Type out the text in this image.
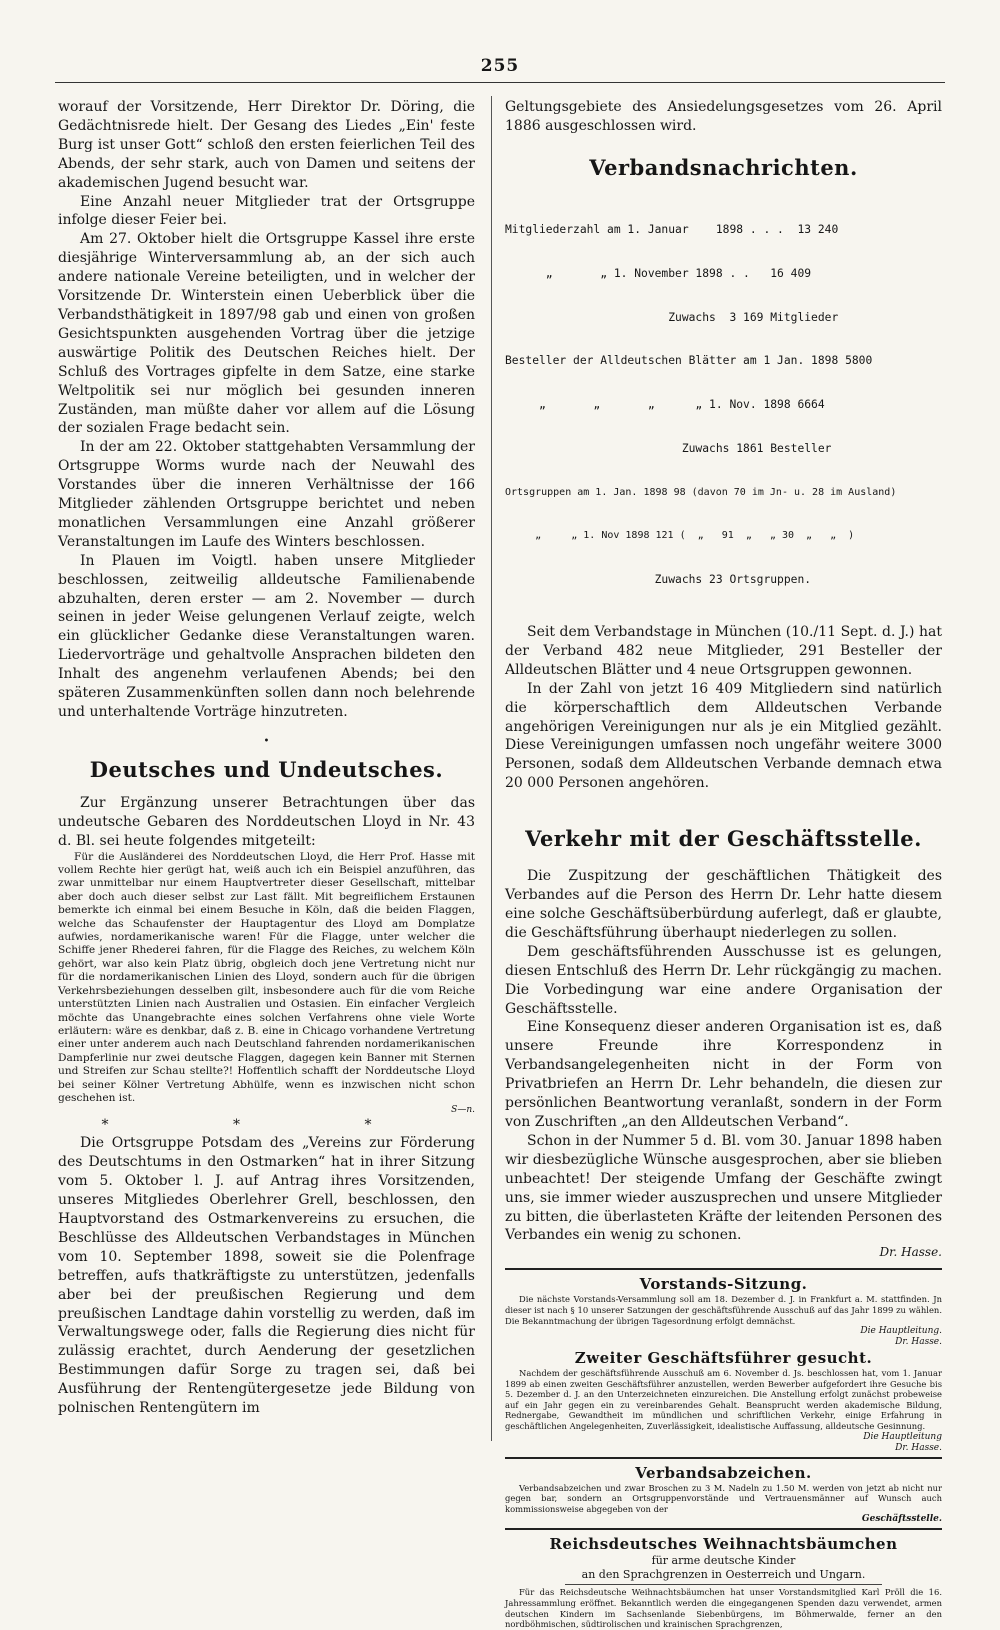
255

worauf der Vorsitzende, Herr Direktor Dr. Döring, die Gedächtnisrede hielt. Der Gesang des Liedes „Ein' feste Burg ist unser Gott“ schloß den ersten feierlichen Teil des Abends, der sehr stark, auch von Damen und seitens der akademischen Jugend besucht war.

Eine Anzahl neuer Mitglieder trat der Ortsgruppe infolge dieser Feier bei.

Am 27. Oktober hielt die Ortsgruppe Kassel ihre erste diesjährige Winterversammlung ab, an der sich auch andere nationale Vereine beteiligten, und in welcher der Vorsitzende Dr. Winterstein einen Ueberblick über die Verbandsthätigkeit in 1897/98 gab und einen von großen Gesichtspunkten ausgehenden Vortrag über die jetzige auswärtige Politik des Deutschen Reiches hielt. Der Schluß des Vortrages gipfelte in dem Satze, eine starke Weltpolitik sei nur möglich bei gesunden inneren Zuständen, man müßte daher vor allem auf die Lösung der sozialen Frage bedacht sein.

In der am 22. Oktober stattgehabten Versammlung der Ortsgruppe Worms wurde nach der Neuwahl des Vorstandes über die inneren Verhältnisse der 166 Mitglieder zählenden Ortsgruppe berichtet und neben monatlichen Versammlungen eine Anzahl größerer Veranstaltungen im Laufe des Winters beschlossen.

In Plauen im Voigtl. haben unsere Mitglieder beschlossen, zeitweilig alldeutsche Familienabende abzuhalten, deren erster — am 2. November — durch seinen in jeder Weise gelungenen Verlauf zeigte, welch ein glücklicher Gedanke diese Veranstaltungen waren. Liedervorträge und gehaltvolle Ansprachen bildeten den Inhalt des angenehm verlaufenen Abends; bei den späteren Zusammenkünften sollen dann noch belehrende und unterhaltende Vorträge hinzutreten.

•
Deutsches und Undeutsches.

Zur Ergänzung unserer Betrachtungen über das undeutsche Gebaren des Norddeutschen Lloyd in Nr. 43 d. Bl. sei heute folgendes mitgeteilt:

Für die Ausländerei des Norddeutschen Lloyd, die Herr Prof. Hasse mit vollem Rechte hier gerügt hat, weiß auch ich ein Beispiel anzuführen, das zwar unmittelbar nur einem Hauptvertreter dieser Gesellschaft, mittelbar aber doch auch dieser selbst zur Last fällt. Mit begreiflichem Erstaunen bemerkte ich einmal bei einem Besuche in Köln, daß die beiden Flaggen, welche das Schaufenster der Hauptagentur des Lloyd am Domplatze aufwies, nordamerikanische waren! Für die Flagge, unter welcher die Schiffe jener Rhederei fahren, für die Flagge des Reiches, zu welchem Köln gehört, war also kein Platz übrig, obgleich doch jene Vertretung nicht nur für die nordamerikanischen Linien des Lloyd, sondern auch für die übrigen Verkehrsbeziehungen desselben gilt, insbesondere auch für die vom Reiche unterstützten Linien nach Australien und Ostasien. Ein einfacher Vergleich möchte das Unangebrachte eines solchen Verfahrens ohne viele Worte erläutern: wäre es denkbar, daß z. B. eine in Chicago vorhandene Vertretung einer unter anderem auch nach Deutschland fahrenden nordamerikanischen Dampferlinie nur zwei deutsche Flaggen, dagegen kein Banner mit Sternen und Streifen zur Schau stellte?! Hoffentlich schafft der Norddeutsche Lloyd bei seiner Kölner Vertretung Abhülfe, wenn es inzwischen nicht schon geschehen ist.

S—n.
* * *

Die Ortsgruppe Potsdam des „Vereins zur Förderung des Deutschtums in den Ostmarken“ hat in ihrer Sitzung vom 5. Oktober l. J. auf Antrag ihres Vorsitzenden, unseres Mitgliedes Oberlehrer Grell, beschlossen, den Hauptvorstand des Ostmarkenvereins zu ersuchen, die Beschlüsse des Alldeutschen Verbandstages in München vom 10. September 1898, soweit sie die Polenfrage betreffen, aufs thatkräftigste zu unterstützen, jedenfalls aber bei der preußischen Regierung und dem preußischen Landtage dahin vorstellig zu werden, daß im Verwaltungswege oder, falls die Regierung dies nicht für zulässig erachtet, durch Aenderung der gesetzlichen Bestimmungen dafür Sorge zu tragen sei, daß bei Ausführung der Rentengütergesetze jede Bildung von polnischen Rentengütern im

Geltungsgebiete des Ansiedelungsgesetzes vom 26. April 1886 ausgeschlossen wird.

Verbandsnachrichten.

Mitgliederzahl am 1. Januar    1898 . . .  13 240

„       „ 1. November 1898 . .   16 409

Zuwachs  3 169 Mitglieder

Besteller der Alldeutschen Blätter am 1 Jan. 1898 5800

„       „       „      „ 1. Nov. 1898 6664

Zuwachs 1861 Besteller

Ortsgruppen am 1. Jan. 1898 98 (davon 70 im Jn- u. 28 im Ausland)

„     „ 1. Nov 1898 121 (  „   91  „   „ 30  „   „  )

Zuwachs 23 Ortsgruppen.

Seit dem Verbandstage in München (10./11 Sept. d. J.) hat der Verband 482 neue Mitglieder, 291 Besteller der Alldeutschen Blätter und 4 neue Ortsgruppen gewonnen.

In der Zahl von jetzt 16 409 Mitgliedern sind natürlich die körperschaftlich dem Alldeutschen Verbande angehörigen Vereinigungen nur als je ein Mitglied gezählt. Diese Vereinigungen umfassen noch ungefähr weitere 3000 Personen, sodaß dem Alldeutschen Verbande demnach etwa 20 000 Personen angehören.

Verkehr mit der Geschäftsstelle.

Die Zuspitzung der geschäftlichen Thätigkeit des Verbandes auf die Person des Herrn Dr. Lehr hatte diesem eine solche Geschäftsüberbürdung auferlegt, daß er glaubte, die Geschäftsführung überhaupt niederlegen zu sollen.

Dem geschäftsführenden Ausschusse ist es gelungen, diesen Entschluß des Herrn Dr. Lehr rückgängig zu machen. Die Vorbedingung war eine andere Organisation der Geschäftsstelle.

Eine Konsequenz dieser anderen Organisation ist es, daß unsere Freunde ihre Korrespondenz in Verbandsangelegenheiten nicht in der Form von Privatbriefen an Herrn Dr. Lehr behandeln, die diesen zur persönlichen Beantwortung veranlaßt, sondern in der Form von Zuschriften „an den Alldeutschen Verband“.

Schon in der Nummer 5 d. Bl. vom 30. Januar 1898 haben wir diesbezügliche Wünsche ausgesprochen, aber sie blieben unbeachtet! Der steigende Umfang der Geschäfte zwingt uns, sie immer wieder auszusprechen und unsere Mitglieder zu bitten, die überlasteten Kräfte der leitenden Personen des Verbandes ein wenig zu schonen.

Dr. Hasse.
Vorstands-Sitzung.

Die nächste Vorstands-Versammlung soll am 18. Dezember d. J. in Frankfurt a. M. stattfinden. Jn dieser ist nach § 10 unserer Satzungen der geschäftsführende Ausschuß auf das Jahr 1899 zu wählen. Die Bekanntmachung der übrigen Tagesordnung erfolgt demnächst.

Die Hauptleitung.
Dr. Hasse.
Zweiter Geschäftsführer gesucht.

Nachdem der geschäftsführende Ausschuß am 6. November d. Js. beschlossen hat, vom 1. Januar 1899 ab einen zweiten Geschäftsführer anzustellen, werden Bewerber aufgefordert ihre Gesuche bis 5. Dezember d. J. an den Unterzeichneten einzureichen. Die Anstellung erfolgt zunächst probeweise auf ein Jahr gegen ein zu vereinbarendes Gehalt. Beansprucht werden akademische Bildung, Rednergabe, Gewandtheit im mündlichen und schriftlichen Verkehr, einige Erfahrung in geschäftlichen Angelegenheiten, Zuverlässigkeit, idealistische Auffassung, alldeutsche Gesinnung.

Die Hauptleitung
Dr. Hasse.
Verbandsabzeichen.

Verbandsabzeichen und zwar Broschen zu 3 M. Nadeln zu 1.50 M. werden von jetzt ab nicht nur gegen bar, sondern an Ortsgruppenvorstände und Vertrauensmänner auf Wunsch auch kommissionsweise abgegeben von der

Geschäftsstelle.
Reichsdeutsches Weihnachtsbäumchen
für arme deutsche Kinder
an den Sprachgrenzen in Oesterreich und Ungarn.

Für das Reichsdeutsche Weihnachtsbäumchen hat unser Vorstandsmitglied Karl Pröll die 16. Jahressammlung eröffnet. Bekanntlich werden die eingegangenen Spenden dazu verwendet, armen deutschen Kindern im Sachsenlande Siebenbürgens, im Böhmerwalde, ferner an den nordböhmischen, südtirolischen und krainischen Sprachgrenzen,
